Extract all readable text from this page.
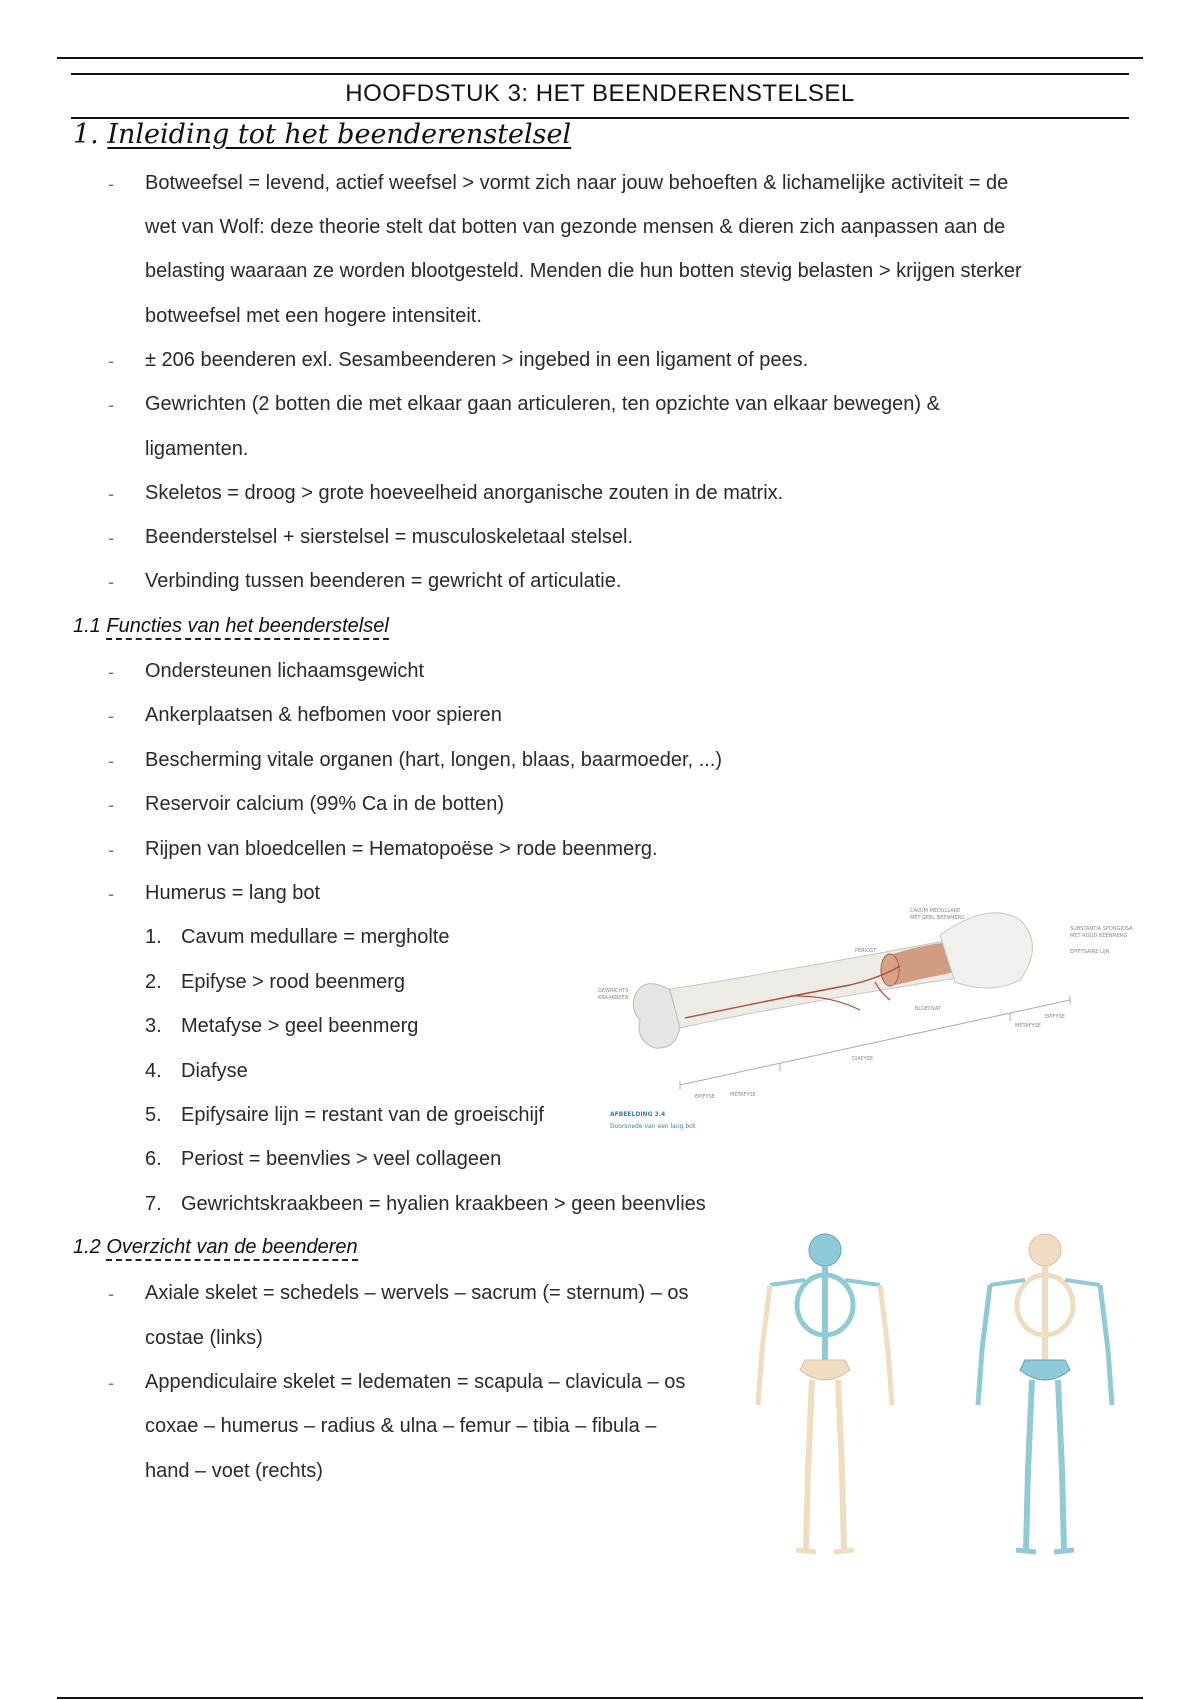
HOOFDSTUK 3: HET BEENDERENSTELSEL
1. Inleiding tot het beenderenstelsel
- Botweefsel = levend, actief weefsel > vormt zich naar jouw behoeften & lichamelijke activiteit = de
wet van Wolf: deze theorie stelt dat botten van gezonde mensen & dieren zich aanpassen aan de
belasting waaraan ze worden blootgesteld. Menden die hun botten stevig belasten > krijgen sterker
botweefsel met een hogere intensiteit.
- ± 206 beenderen exl. Sesambeenderen > ingebed in een ligament of pees.
- Gewrichten (2 botten die met elkaar gaan articuleren, ten opzichte van elkaar bewegen) &
ligamenten.
- Skeletos = droog > grote hoeveelheid anorganische zouten in de matrix.
- Beenderstelsel + sierstelsel = musculoskeletaal stelsel.
- Verbinding tussen beenderen = gewricht of articulatie.
1.1 Functies van het beenderstelsel
- Ondersteunen lichaamsgewicht
- Ankerplaatsen & hefbomen voor spieren
- Bescherming vitale organen (hart, longen, blaas, baarmoeder, ...)
- Reservoir calcium (99% Ca in de botten)
- Rijpen van bloedcellen = Hematopoëse > rode beenmerg.
- Humerus = lang bot
1. Cavum medullare = mergholte
2. Epifyse > rood beenmerg
3. Metafyse > geel beenmerg
4. Diafyse
5. Epifysaire lijn = restant van de groeischijf
6. Periost = beenvlies > veel collageen
7. Gewrichtskraakbeen = hyalien kraakbeen > geen beenvlies
CAVUM MEDULLARE
MET GEEL BEENMERG
SUBSTANTIA SPONGIOSA
MET ROOD BEENMERG
EPIFYSAIRE LIJN
PERIOST
GEWRICHTS-
KRAAKBEEN
BLOEDVAT
EPIFYSE
METAFYSE
DIAFYSE
EPIFYSE	METAFYSE
AFBEELDING 3.4
Doorsnede van een lang bot
1.2 Overzicht van de beenderen
- Axiale skelet = schedels – wervels – sacrum (= sternum) – os
costae (links)
- Appendiculaire skelet = ledematen = scapula – clavicula – os
coxae – humerus – radius & ulna – femur – tibia – fibula –
hand – voet (rechts)
